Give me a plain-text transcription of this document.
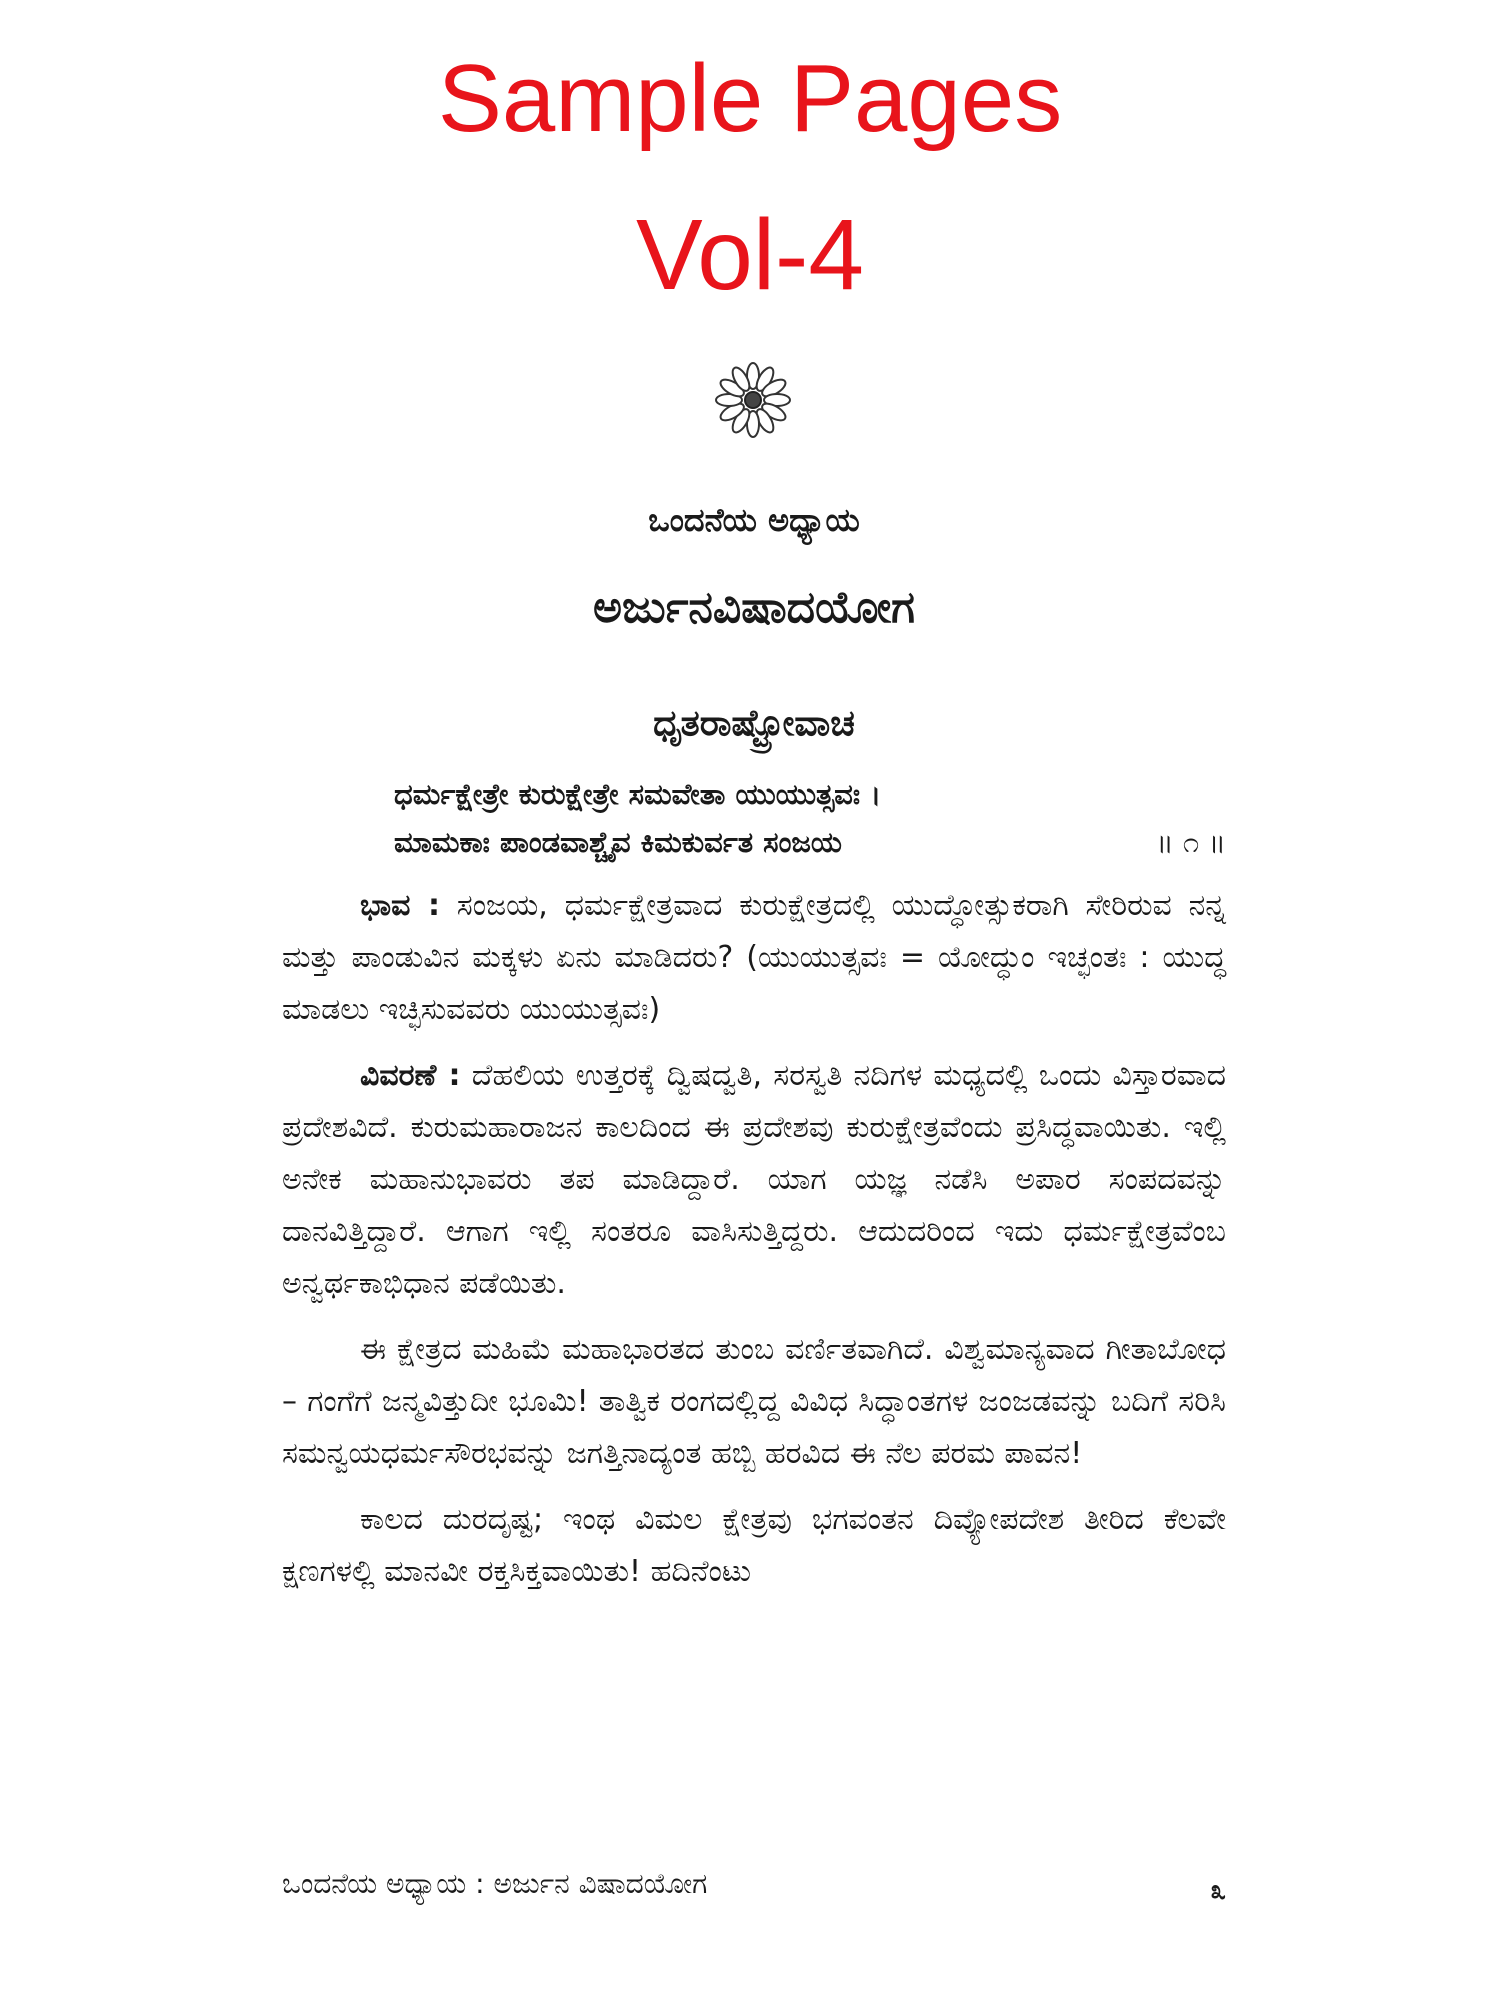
Sample Pages
Vol-4
ಒಂದನೆಯ ಅಧ್ಯಾಯ
ಅರ್ಜುನವಿಷಾದಯೋಗ
ಧೃತರಾಷ್ಟ್ರೋವಾಚ
ಧರ್ಮಕ್ಷೇತ್ರೇ ಕುರುಕ್ಷೇತ್ರೇ ಸಮವೇತಾ ಯುಯುತ್ಸವಃ ।
ಮಾಮಕಾಃ ಪಾಂಡವಾಶ್ಚೈವ ಕಿಮಕುರ್ವತ ಸಂಜಯ	॥ ೧ ॥

ಭಾವ : ಸಂಜಯ, ಧರ್ಮಕ್ಷೇತ್ರವಾದ ಕುರುಕ್ಷೇತ್ರದಲ್ಲಿ ಯುದ್ಧೋತ್ಸುಕರಾಗಿ ಸೇರಿರುವ ನನ್ನ ಮತ್ತು ಪಾಂಡುವಿನ ಮಕ್ಕಳು ಏನು ಮಾಡಿದರು? (ಯುಯುತ್ಸವಃ = ಯೋದ್ಧುಂ ಇಚ್ಛಂತಃ : ಯುದ್ಧ ಮಾಡಲು ಇಚ್ಛಿಸುವವರು ಯುಯುತ್ಸವಃ)

ವಿವರಣೆ : ದೆಹಲಿಯ ಉತ್ತರಕ್ಕೆ ದ್ವಿಷದ್ವತಿ, ಸರಸ್ವತಿ ನದಿಗಳ ಮಧ್ಯದಲ್ಲಿ ಒಂದು ವಿಸ್ತಾರವಾದ ಪ್ರದೇಶವಿದೆ. ಕುರುಮಹಾರಾಜನ ಕಾಲದಿಂದ ಈ ಪ್ರದೇಶವು ಕುರುಕ್ಷೇತ್ರವೆಂದು ಪ್ರಸಿದ್ಧವಾಯಿತು. ಇಲ್ಲಿ ಅನೇಕ ಮಹಾನುಭಾವರು ತಪ ಮಾಡಿದ್ದಾರೆ. ಯಾಗ ಯಜ್ಞ ನಡೆಸಿ ಅಪಾರ ಸಂಪದವನ್ನು ದಾನವಿತ್ತಿದ್ದಾರೆ. ಆಗಾಗ ಇಲ್ಲಿ ಸಂತರೂ ವಾಸಿಸುತ್ತಿದ್ದರು. ಆದುದರಿಂದ ಇದು ಧರ್ಮಕ್ಷೇತ್ರವೆಂಬ ಅನ್ವರ್ಥಕಾಭಿಧಾನ ಪಡೆಯಿತು.

ಈ ಕ್ಷೇತ್ರದ ಮಹಿಮೆ ಮಹಾಭಾರತದ ತುಂಬ ವರ್ಣಿತವಾಗಿದೆ. ವಿಶ್ವಮಾನ್ಯವಾದ ಗೀತಾಬೋಧ – ಗಂಗೆಗೆ ಜನ್ಮವಿತ್ತುದೀ ಭೂಮಿ! ತಾತ್ವಿಕ ರಂಗದಲ್ಲಿದ್ದ ವಿವಿಧ ಸಿದ್ಧಾಂತಗಳ ಜಂಜಡವನ್ನು ಬದಿಗೆ ಸರಿಸಿ ಸಮನ್ವಯಧರ್ಮಸೌರಭವನ್ನು ಜಗತ್ತಿನಾದ್ಯಂತ ಹಬ್ಬಿ ಹರವಿದ ಈ ನೆಲ ಪರಮ ಪಾವನ!

ಕಾಲದ ದುರದೃಷ್ಟ; ಇಂಥ ವಿಮಲ ಕ್ಷೇತ್ರವು ಭಗವಂತನ ದಿವ್ಯೋಪದೇಶ ತೀರಿದ ಕೆಲವೇ ಕ್ಷಣಗಳಲ್ಲಿ ಮಾನವೀ ರಕ್ತಸಿಕ್ತವಾಯಿತು! ಹದಿನೆಂಟು

ಒಂದನೆಯ ಅಧ್ಯಾಯ : ಅರ್ಜುನ ವಿಷಾದಯೋಗ	೩
